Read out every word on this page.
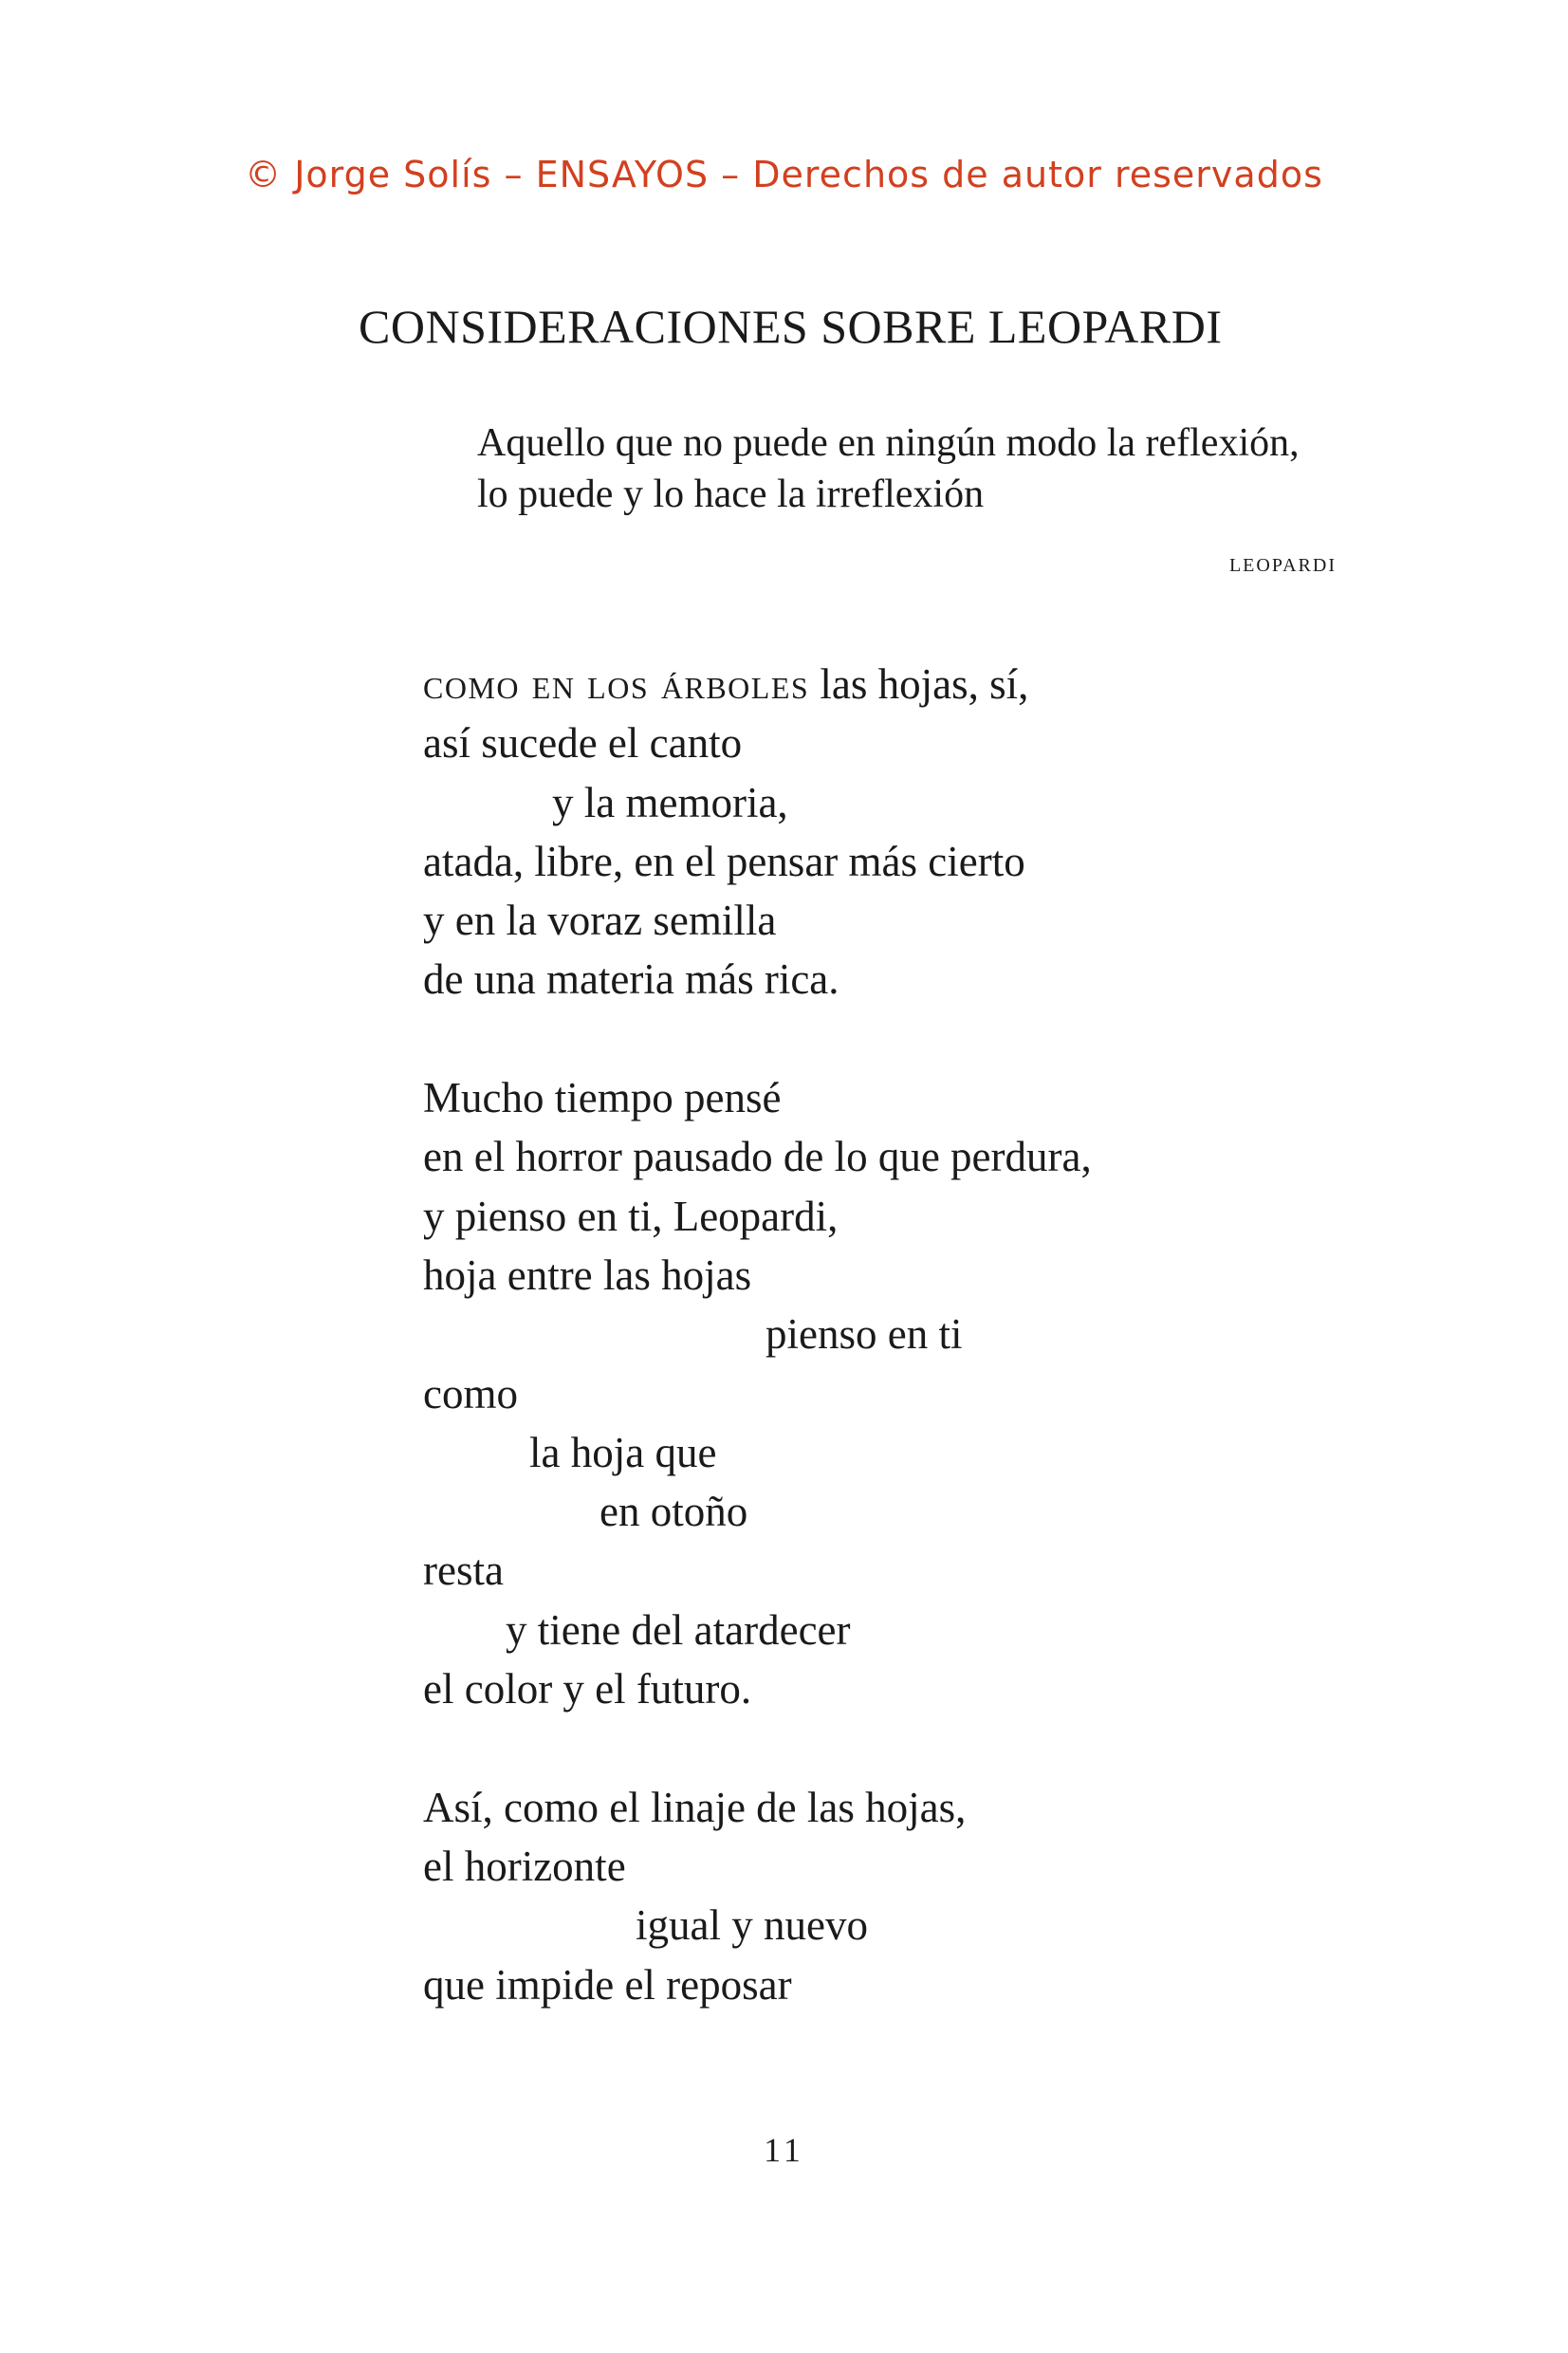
© Jorge Solís – ENSAYOS – Derechos de autor reservados
CONSIDERACIONES SOBRE LEOPARDI
Aquello que no puede en ningún modo la reflexión,
lo puede y lo hace la irreflexión
leopardi
como en los árboles las hojas, sí,
así sucede el canto
y la memoria,
atada, libre, en el pensar más cierto
y en la voraz semilla
de una materia más rica.
Mucho tiempo pensé
en el horror pausado de lo que perdura,
y pienso en ti, Leopardi,
hoja entre las hojas
pienso en ti
como
la hoja que
en otoño
resta
y tiene del atardecer
el color y el futuro.
Así, como el linaje de las hojas,
el horizonte
igual y nuevo
que impide el reposar
11
